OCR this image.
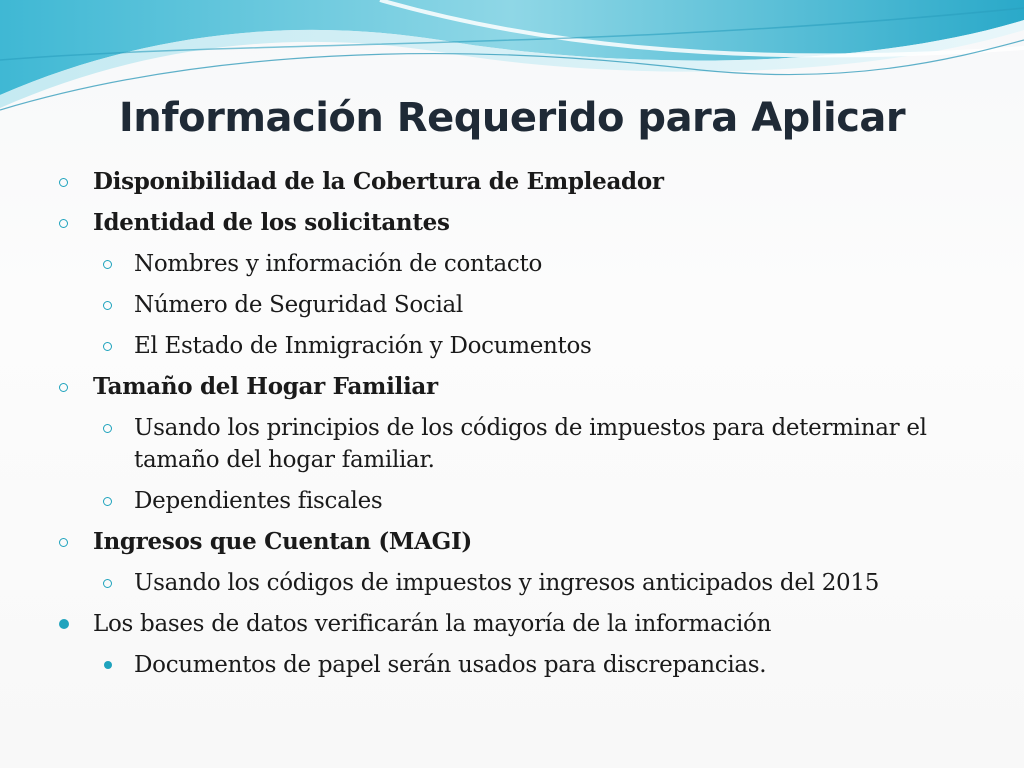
Información Requerido para Aplicar
Disponibilidad de la Cobertura de Empleador
Identidad de los solicitantes
Nombres y información de contacto
Número de Seguridad Social
El Estado de Inmigración y Documentos
Tamaño del Hogar Familiar
Usando los principios de los códigos de impuestos para determinar el tamaño del hogar familiar.
Dependientes fiscales
Ingresos que Cuentan (MAGI)
Usando los códigos de impuestos y ingresos anticipados del 2015
Los bases de datos verificarán la mayoría de la información
Documentos de papel serán usados para discrepancias.
